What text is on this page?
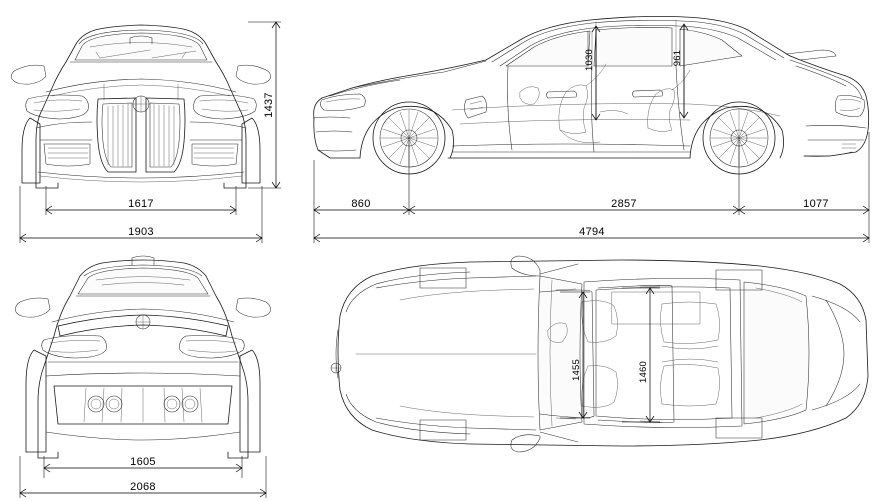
1437
1617
1903
1030	961
860	2857	1077
4794
1605
2068
1455	1460
